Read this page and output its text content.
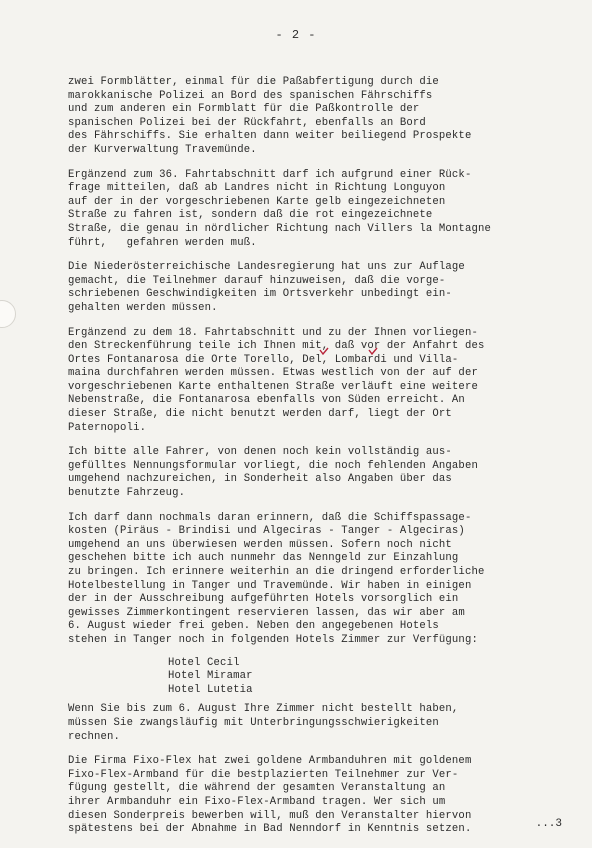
- 2 -
zwei Formblätter, einmal für die Paßabfertigung durch die
marokkanische Polizei an Bord des spanischen Fährschiffs
und zum anderen ein Formblatt für die Paßkontrolle der
spanischen Polizei bei der Rückfahrt, ebenfalls an Bord
des Fährschiffs. Sie erhalten dann weiter beiliegend Prospekte
der Kurverwaltung Travemünde.
Ergänzend zum 36. Fahrtabschnitt darf ich aufgrund einer Rück-
frage mitteilen, daß ab Landres nicht in Richtung Longuyon
auf der in der vorgeschriebenen Karte gelb eingezeichneten
Straße zu fahren ist, sondern daß die rot eingezeichnete
Straße, die genau in nördlicher Richtung nach Villers la Montagne
führt,   gefahren werden muß.
Die Niederösterreichische Landesregierung hat uns zur Auflage
gemacht, die Teilnehmer darauf hinzuweisen, daß die vorge-
schriebenen Geschwindigkeiten im Ortsverkehr unbedingt ein-
gehalten werden müssen.
Ergänzend zu dem 18. Fahrtabschnitt und zu der Ihnen vorliegen-
den Streckenführung teile ich Ihnen mit, daß vor der Anfahrt des
Ortes Fontanarosa die Orte Torello, Del, Lombardi und Villa-
maina durchfahren werden müssen. Etwas westlich von der auf der
vorgeschriebenen Karte enthaltenen Straße verläuft eine weitere
Nebenstraße, die Fontanarosa ebenfalls von Süden erreicht. An
dieser Straße, die nicht benutzt werden darf, liegt der Ort
Paternopoli.
Ich bitte alle Fahrer, von denen noch kein vollständig aus-
gefülltes Nennungsformular vorliegt, die noch fehlenden Angaben
umgehend nachzureichen, in Sonderheit also Angaben über das
benutzte Fahrzeug.
Ich darf dann nochmals daran erinnern, daß die Schiffspassage-
kosten (Piräus - Brindisi und Algeciras - Tanger - Algeciras)
umgehend an uns überwiesen werden müssen. Sofern noch nicht
geschehen bitte ich auch nunmehr das Nenngeld zur Einzahlung
zu bringen. Ich erinnere weiterhin an die dringend erforderliche
Hotelbestellung in Tanger und Travemünde. Wir haben in einigen
der in der Ausschreibung aufgeführten Hotels vorsorglich ein
gewisses Zimmerkontingent reservieren lassen, das wir aber am
6. August wieder frei geben. Neben den angegebenen Hotels
stehen in Tanger noch in folgenden Hotels Zimmer zur Verfügung:
Hotel Cecil
Hotel Miramar
Hotel Lutetia
Wenn Sie bis zum 6. August Ihre Zimmer nicht bestellt haben,
müssen Sie zwangsläufig mit Unterbringungsschwierigkeiten
rechnen.
Die Firma Fixo-Flex hat zwei goldene Armbanduhren mit goldenem
Fixo-Flex-Armband für die bestplazierten Teilnehmer zur Ver-
fügung gestellt, die während der gesamten Veranstaltung an
ihrer Armbanduhr ein Fixo-Flex-Armband tragen. Wer sich um
diesen Sonderpreis bewerben will, muß den Veranstalter hiervon
spätestens bei der Abnahme in Bad Nenndorf in Kenntnis setzen.	...3
